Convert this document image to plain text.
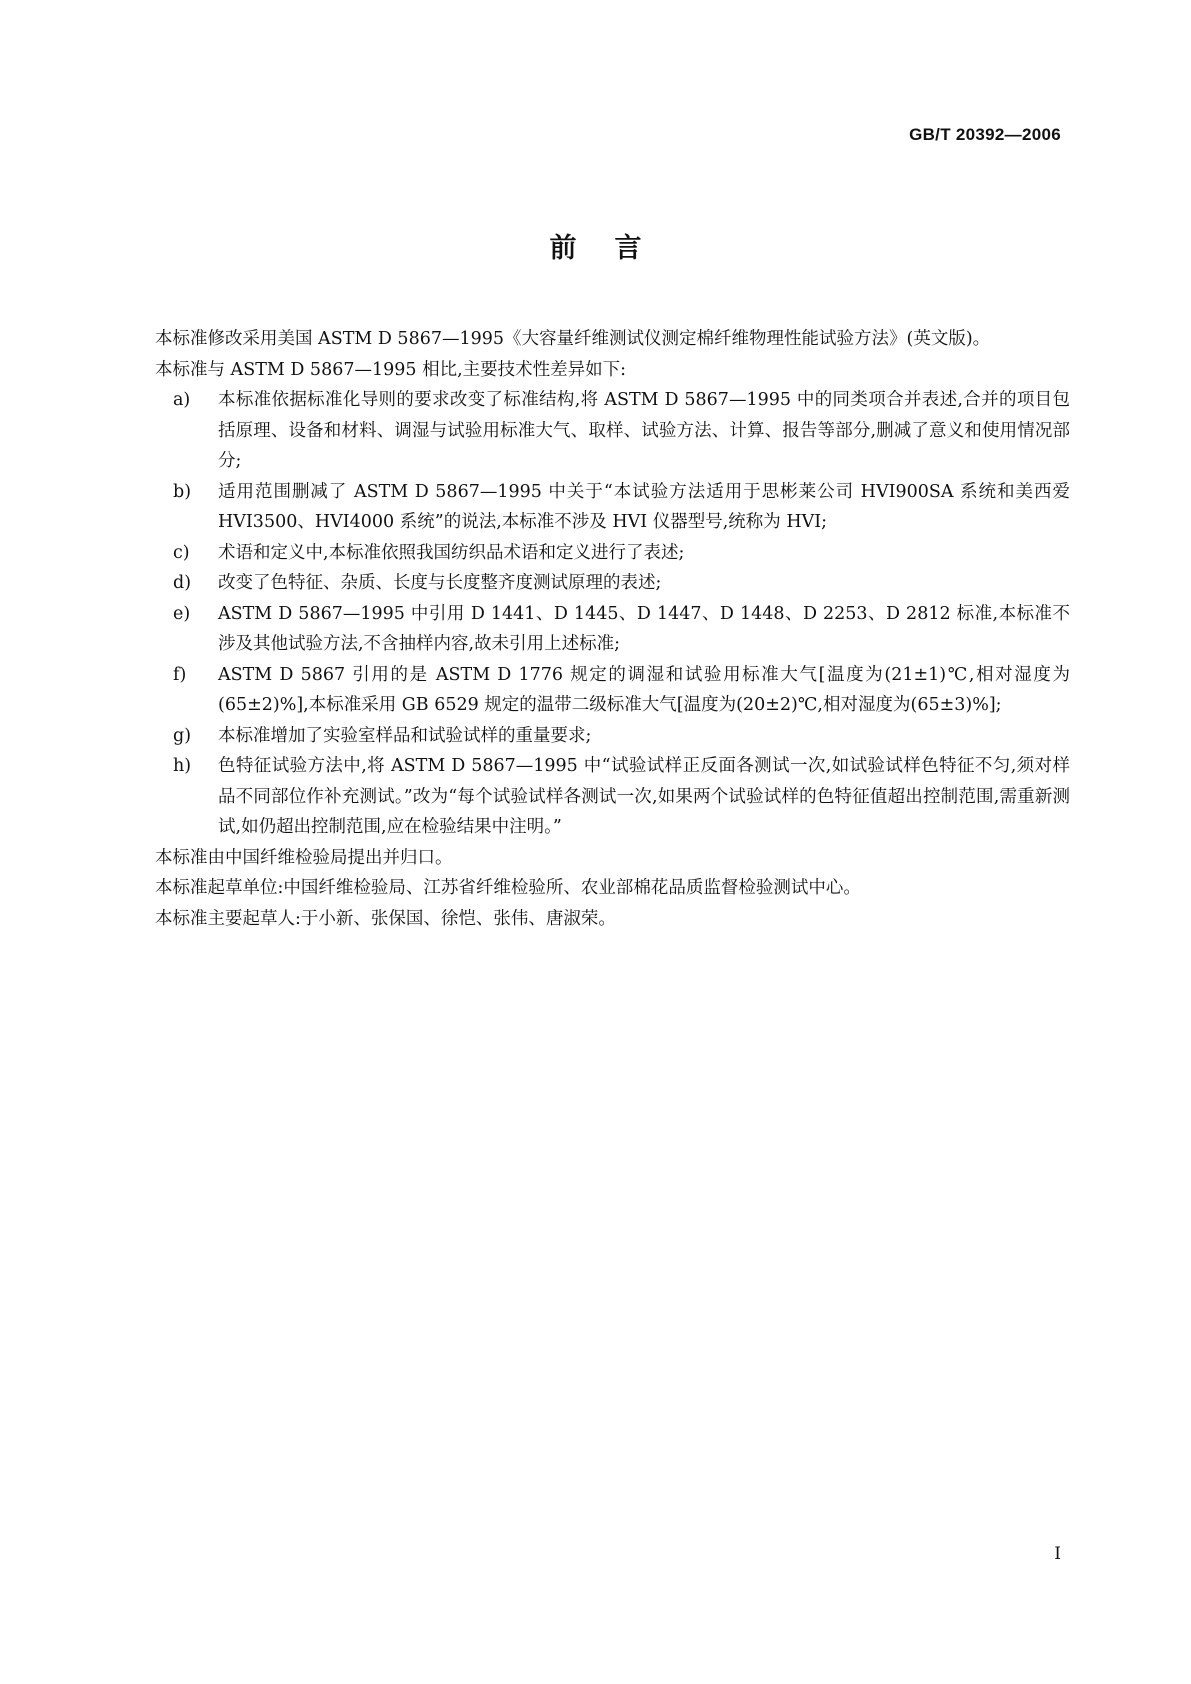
GB/T 20392—2006
前言

本标准修改采用美国 ASTM D 5867—1995《大容量纤维测试仪测定棉纤维物理性能试验方法》(英文版)。

本标准与 ASTM D 5867—1995 相比,主要技术性差异如下:

a)	本标准依据标准化导则的要求改变了标准结构,将 ASTM D 5867—1995 中的同类项合并表述,合并的项目包括原理、设备和材料、调湿与试验用标准大气、取样、试验方法、计算、报告等部分,删减了意义和使用情况部分;
b)	适用范围删减了 ASTM D 5867—1995 中关于“本试验方法适用于思彬莱公司 HVI900SA 系统和美西爱 HVI3500、HVI4000 系统”的说法,本标准不涉及 HVI 仪器型号,统称为 HVI;
c)	术语和定义中,本标准依照我国纺织品术语和定义进行了表述;
d)	改变了色特征、杂质、长度与长度整齐度测试原理的表述;
e)	ASTM D 5867—1995 中引用 D 1441、D 1445、D 1447、D 1448、D 2253、D 2812 标准,本标准不涉及其他试验方法,不含抽样内容,故未引用上述标准;
f)	ASTM D 5867 引用的是 ASTM D 1776 规定的调湿和试验用标准大气[温度为(21±1)℃,相对湿度为(65±2)%],本标准采用 GB 6529 规定的温带二级标准大气[温度为(20±2)℃,相对湿度为(65±3)%];
g)	本标准增加了实验室样品和试验试样的重量要求;
h)	色特征试验方法中,将 ASTM D 5867—1995 中“试验试样正反面各测试一次,如试验试样色特征不匀,须对样品不同部位作补充测试。”改为“每个试验试样各测试一次,如果两个试验试样的色特征值超出控制范围,需重新测试,如仍超出控制范围,应在检验结果中注明。”

本标准由中国纤维检验局提出并归口。

本标准起草单位:中国纤维检验局、江苏省纤维检验所、农业部棉花品质监督检验测试中心。

本标准主要起草人:于小新、张保国、徐恺、张伟、唐淑荣。

I
